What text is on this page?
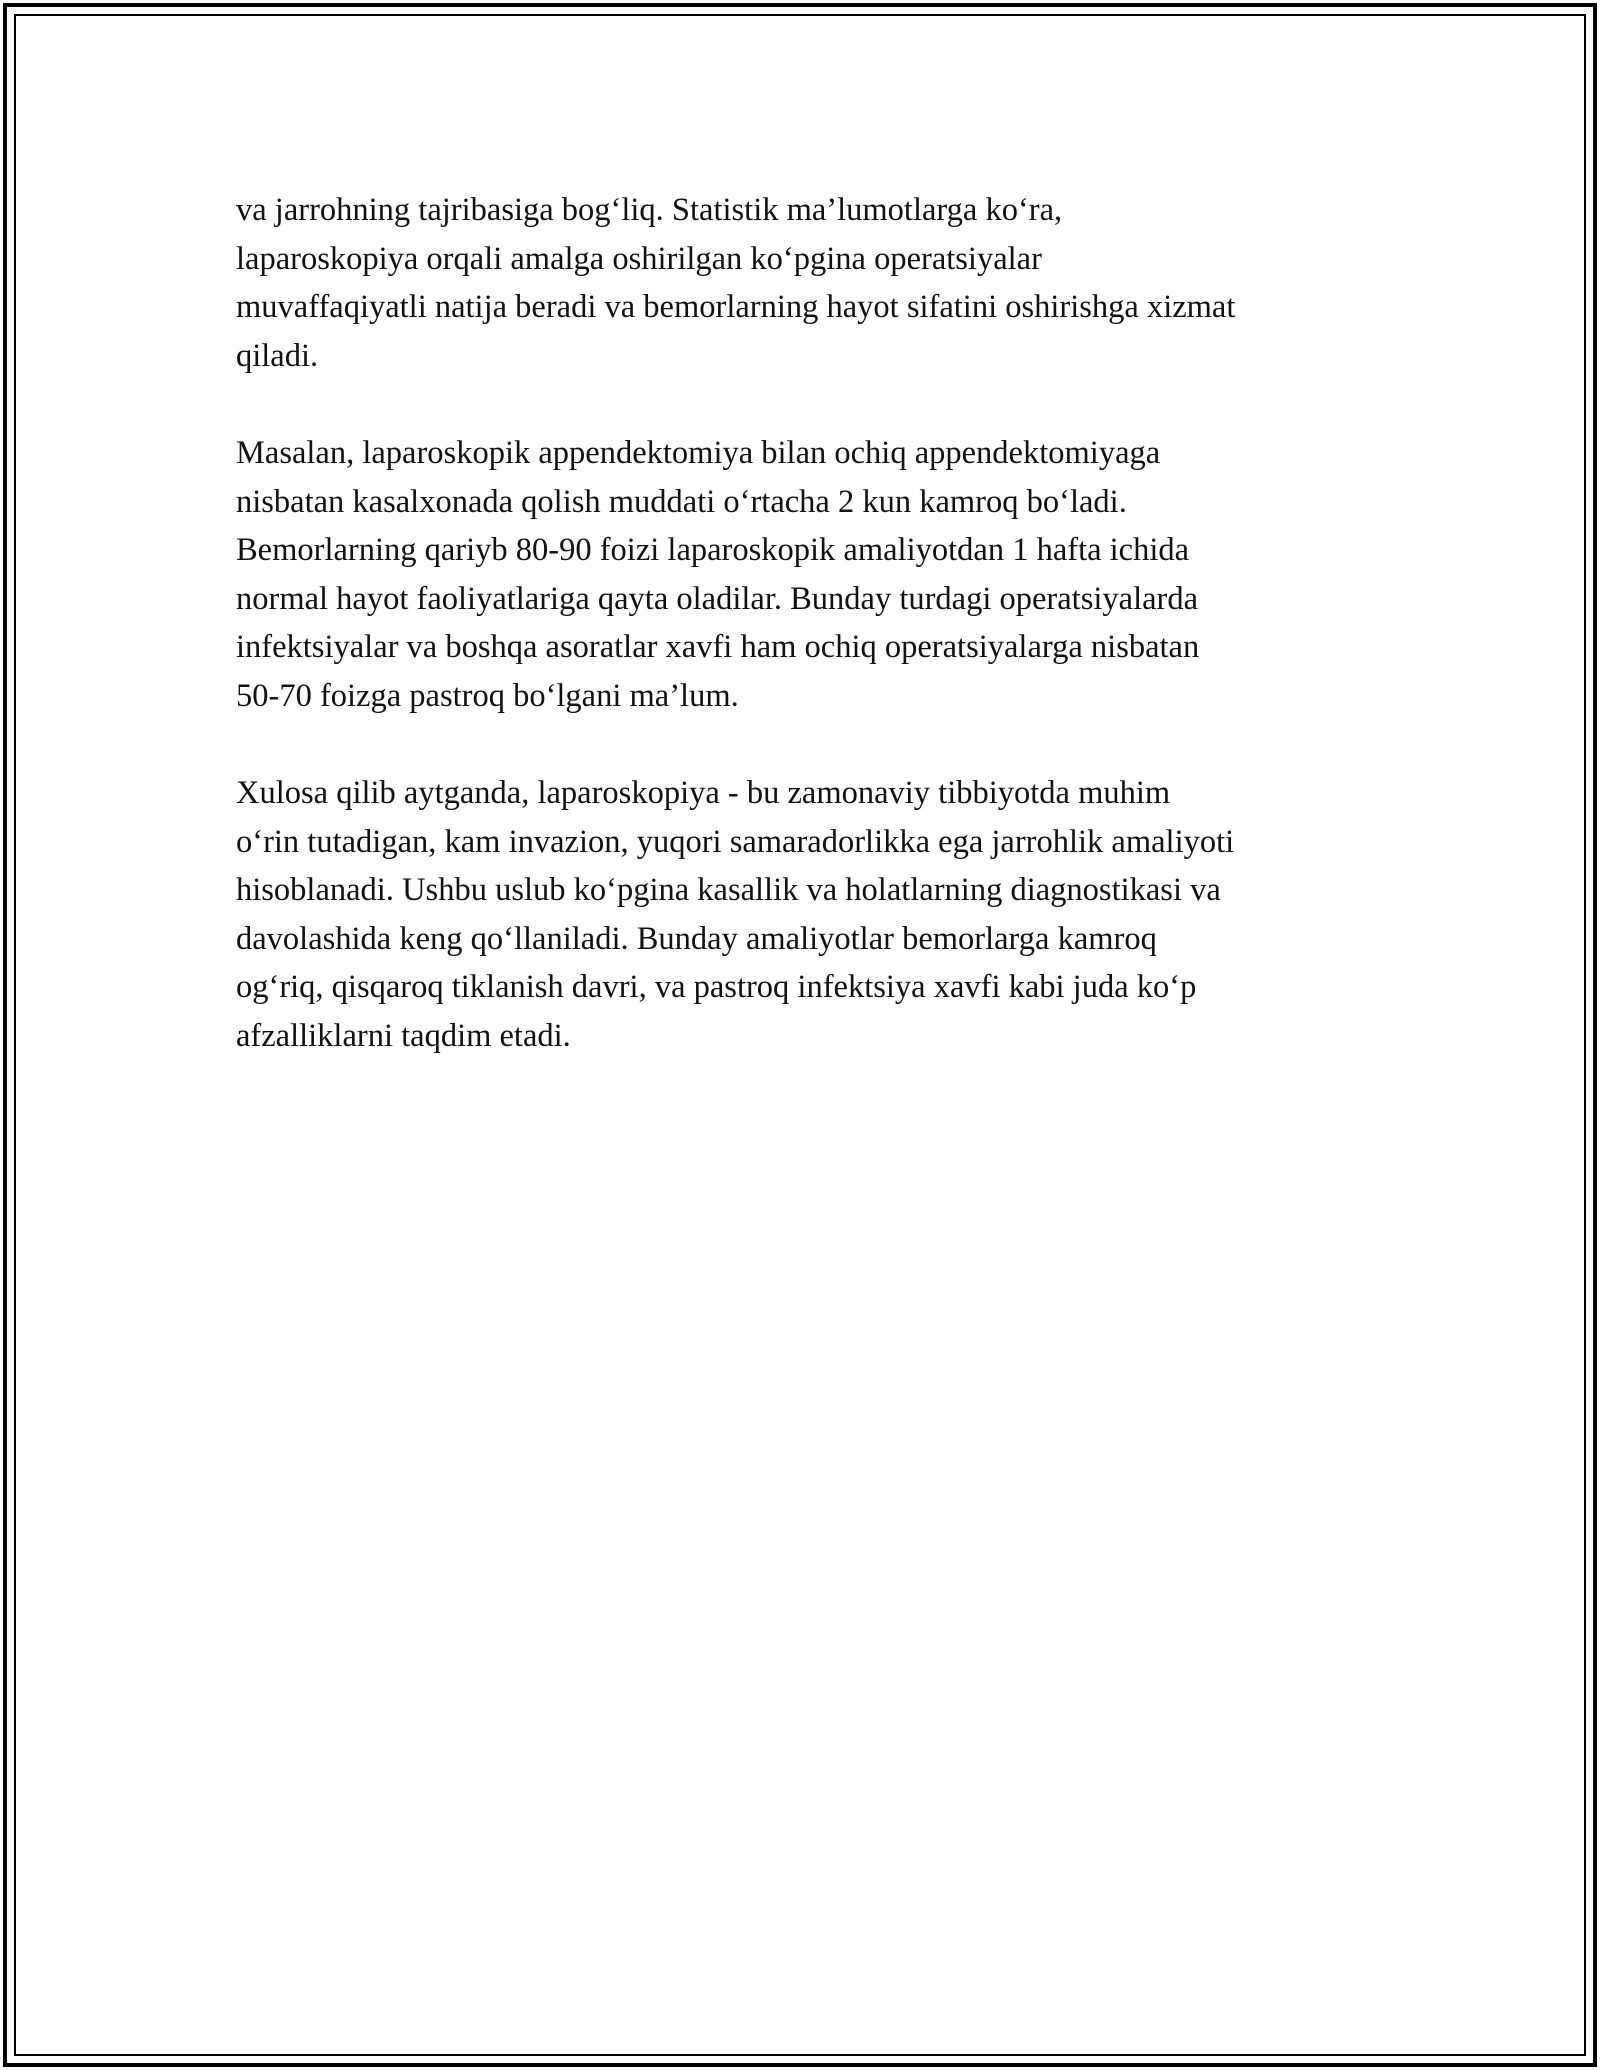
va jarrohning tajribasiga bog‘liq. Statistik ma’lumotlarga ko‘ra,
laparoskopiya orqali amalga oshirilgan ko‘pgina operatsiyalar
muvaffaqiyatli natija beradi va bemorlarning hayot sifatini oshirishga xizmat
qiladi.

Masalan, laparoskopik appendektomiya bilan ochiq appendektomiyaga
nisbatan kasalxonada qolish muddati o‘rtacha 2 kun kamroq bo‘ladi.
Bemorlarning qariyb 80-90 foizi laparoskopik amaliyotdan 1 hafta ichida
normal hayot faoliyatlariga qayta oladilar. Bunday turdagi operatsiyalarda
infektsiyalar va boshqa asoratlar xavfi ham ochiq operatsiyalarga nisbatan
50-70 foizga pastroq bo‘lgani ma’lum.

Xulosa qilib aytganda, laparoskopiya - bu zamonaviy tibbiyotda muhim
o‘rin tutadigan, kam invazion, yuqori samaradorlikka ega jarrohlik amaliyoti
hisoblanadi. Ushbu uslub ko‘pgina kasallik va holatlarning diagnostikasi va
davolashida keng qo‘llaniladi. Bunday amaliyotlar bemorlarga kamroq
og‘riq, qisqaroq tiklanish davri, va pastroq infektsiya xavfi kabi juda ko‘p
afzalliklarni taqdim etadi.
